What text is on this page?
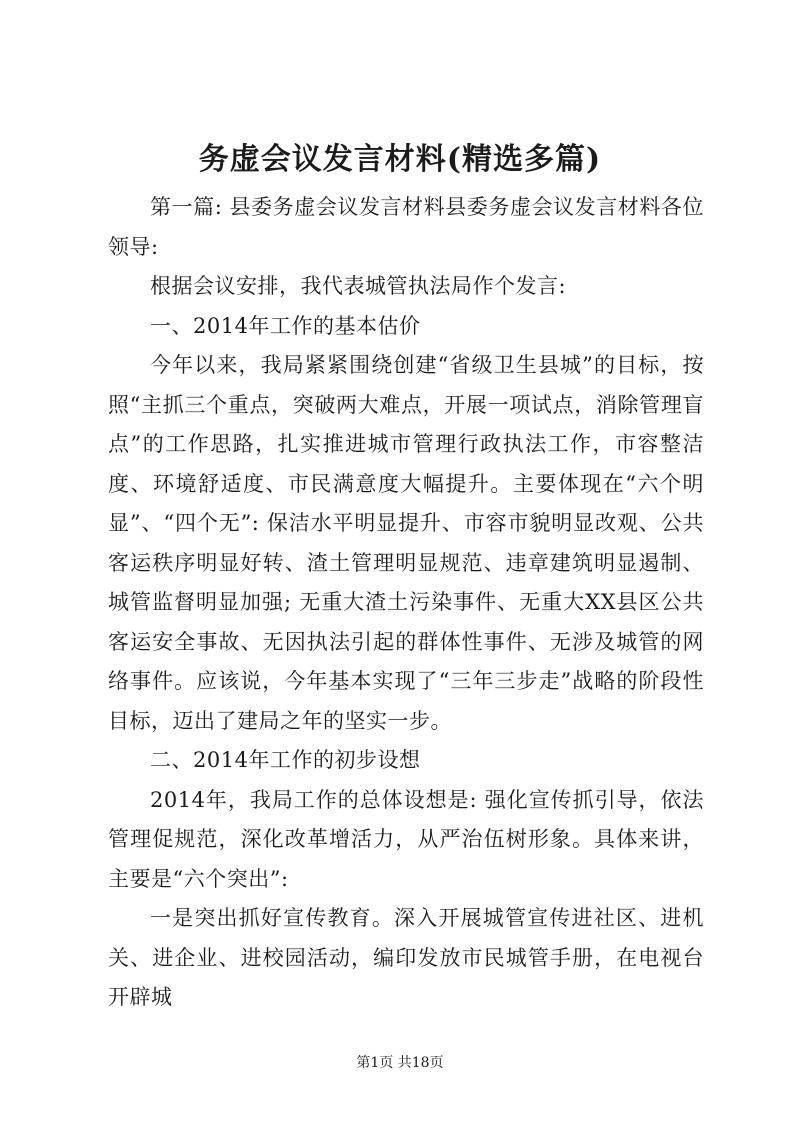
务虚会议发言材料(精选多篇)

第一篇: 县委务虚会议发言材料县委务虚会议发言材料各位领导:

根据会议安排，我代表城管执法局作个发言:

一、2014年工作的基本估价

今年以来，我局紧紧围绕创建“省级卫生县城”的目标，按照“主抓三个重点，突破两大难点，开展一项试点，消除管理盲点”的工作思路，扎实推进城市管理行政执法工作，市容整洁度、环境舒适度、市民满意度大幅提升。主要体现在“六个明显”、“四个无”: 保洁水平明显提升、市容市貌明显改观、公共客运秩序明显好转、渣土管理明显规范、违章建筑明显遏制、城管监督明显加强; 无重大渣土污染事件、无重大XX县区公共客运安全事故、无因执法引起的群体性事件、无涉及城管的网络事件。应该说，今年基本实现了“三年三步走”战略的阶段性目标，迈出了建局之年的坚实一步。

二、2014年工作的初步设想

2014年，我局工作的总体设想是: 强化宣传抓引导，依法管理促规范，深化改革增活力，从严治伍树形象。具体来讲，主要是“六个突出”:

一是突出抓好宣传教育。深入开展城管宣传进社区、进机关、进企业、进校园活动，编印发放市民城管手册，在电视台开辟城

第1页 共18页
